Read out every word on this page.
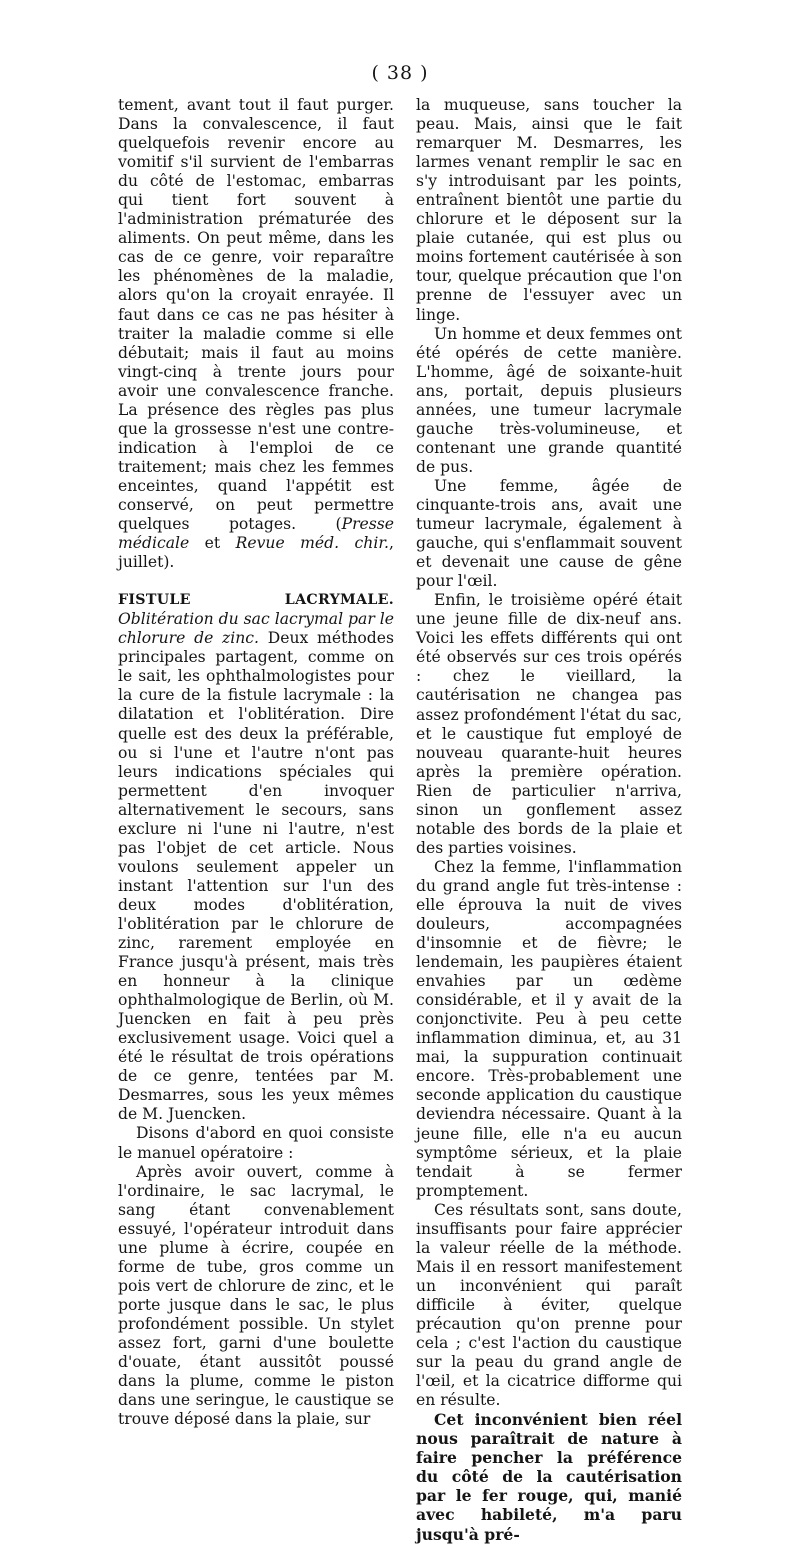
( 38 )

tement, avant tout il faut purger. Dans la convalescence, il faut quelquefois revenir encore au vomitif s'il survient de l'embarras du côté de l'estomac, embarras qui tient fort souvent à l'administration prématurée des aliments. On peut même, dans les cas de ce genre, voir reparaître les phénomènes de la maladie, alors qu'on la croyait enrayée. Il faut dans ce cas ne pas hésiter à traiter la maladie comme si elle débutait; mais il faut au moins vingt-cinq à trente jours pour avoir une convalescence franche. La présence des règles pas plus que la grossesse n'est une contre-indication à l'emploi de ce traitement; mais chez les femmes enceintes, quand l'appétit est conservé, on peut permettre quelques potages. (Presse médicale et Revue méd. chir., juillet).

FISTULE LACRYMALE. Oblitération du sac lacrymal par le chlorure de zinc. Deux méthodes principales partagent, comme on le sait, les ophthalmologistes pour la cure de la fistule lacrymale : la dilatation et l'oblitération. Dire quelle est des deux la préférable, ou si l'une et l'autre n'ont pas leurs indications spéciales qui permettent d'en invoquer alternativement le secours, sans exclure ni l'une ni l'autre, n'est pas l'objet de cet article. Nous voulons seulement appeler un instant l'attention sur l'un des deux modes d'oblitération, l'oblitération par le chlorure de zinc, rarement employée en France jusqu'à présent, mais très en honneur à la clinique ophthalmologique de Berlin, où M. Juencken en fait à peu près exclusivement usage. Voici quel a été le résultat de trois opérations de ce genre, tentées par M. Desmarres, sous les yeux mêmes de M. Juencken.

Disons d'abord en quoi consiste le manuel opératoire :

Après avoir ouvert, comme à l'ordinaire, le sac lacrymal, le sang étant convenablement essuyé, l'opérateur introduit dans une plume à écrire, coupée en forme de tube, gros comme un pois vert de chlorure de zinc, et le porte jusque dans le sac, le plus profondément possible. Un stylet assez fort, garni d'une boulette d'ouate, étant aussitôt poussé dans la plume, comme le piston dans une seringue, le caustique se trouve déposé dans la plaie, sur

la muqueuse, sans toucher la peau. Mais, ainsi que le fait remarquer M. Desmarres, les larmes venant remplir le sac en s'y introduisant par les points, entraînent bientôt une partie du chlorure et le déposent sur la plaie cutanée, qui est plus ou moins fortement cautérisée à son tour, quelque précaution que l'on prenne de l'essuyer avec un linge.

Un homme et deux femmes ont été opérés de cette manière. L'homme, âgé de soixante-huit ans, portait, depuis plusieurs années, une tumeur lacrymale gauche très-volumineuse, et contenant une grande quantité de pus.

Une femme, âgée de cinquante-trois ans, avait une tumeur lacrymale, également à gauche, qui s'enflammait souvent et devenait une cause de gêne pour l'œil.

Enfin, le troisième opéré était une jeune fille de dix-neuf ans. Voici les effets différents qui ont été observés sur ces trois opérés : chez le vieillard, la cautérisation ne changea pas assez profondément l'état du sac, et le caustique fut employé de nouveau quarante-huit heures après la première opération. Rien de particulier n'arriva, sinon un gonflement assez notable des bords de la plaie et des parties voisines.

Chez la femme, l'inflammation du grand angle fut très-intense : elle éprouva la nuit de vives douleurs, accompagnées d'insomnie et de fièvre; le lendemain, les paupières étaient envahies par un œdème considérable, et il y avait de la conjonctivite. Peu à peu cette inflammation diminua, et, au 31 mai, la suppuration continuait encore. Très-probablement une seconde application du caustique deviendra nécessaire. Quant à la jeune fille, elle n'a eu aucun symptôme sérieux, et la plaie tendait à se fermer promptement.

Ces résultats sont, sans doute, insuffisants pour faire apprécier la valeur réelle de la méthode. Mais il en ressort manifestement un inconvénient qui paraît difficile à éviter, quelque précaution qu'on prenne pour cela ; c'est l'action du caustique sur la peau du grand angle de l'œil, et la cicatrice difforme qui en résulte.

Cet inconvénient bien réel nous paraîtrait de nature à faire pencher la préférence du côté de la cautérisation par le fer rouge, qui, manié avec habileté, m'a paru jusqu'à pré-
